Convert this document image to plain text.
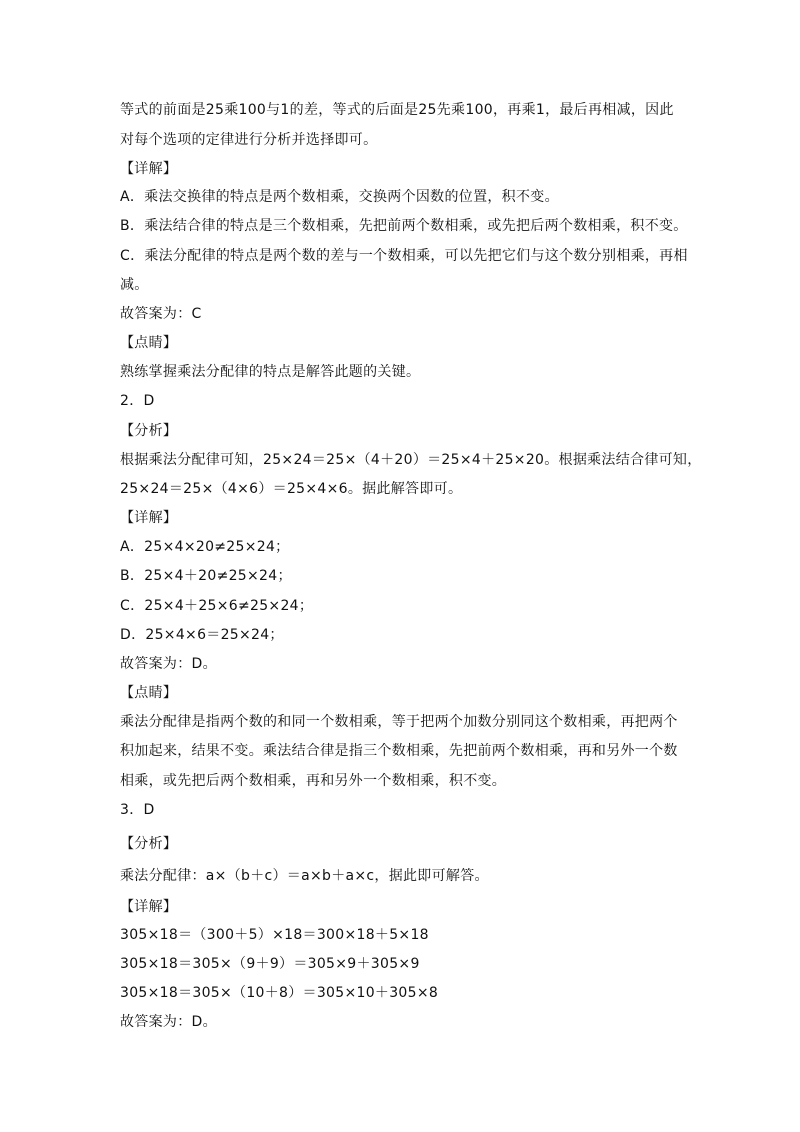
等式的前面是25乘100与1的差，等式的后面是25先乘100，再乘1，最后再相减，因此
对每个选项的定律进行分析并选择即可。
【详解】
A．乘法交换律的特点是两个数相乘，交换两个因数的位置，积不变。
B．乘法结合律的特点是三个数相乘，先把前两个数相乘，或先把后两个数相乘，积不变。
C．乘法分配律的特点是两个数的差与一个数相乘，可以先把它们与这个数分别相乘，再相
减。
故答案为：C
【点睛】
熟练掌握乘法分配律的特点是解答此题的关键。
2．D
【分析】
根据乘法分配律可知，25×24＝25×（4＋20）＝25×4＋25×20。根据乘法结合律可知，
25×24＝25×（4×6）＝25×4×6。据此解答即可。
【详解】
A．25×4×20≠25×24；
B．25×4＋20≠25×24；
C．25×4＋25×6≠25×24；
D．25×4×6＝25×24；
故答案为：D。
【点睛】
乘法分配律是指两个数的和同一个数相乘，等于把两个加数分别同这个数相乘，再把两个
积加起来，结果不变。乘法结合律是指三个数相乘，先把前两个数相乘，再和另外一个数
相乘，或先把后两个数相乘，再和另外一个数相乘，积不变。
3．D
【分析】
乘法分配律：a×（b＋c）＝a×b＋a×c，据此即可解答。
【详解】
305×18＝（300＋5）×18＝300×18＋5×18
305×18＝305×（9＋9）＝305×9＋305×9
305×18＝305×（10＋8）＝305×10＋305×8
故答案为：D。
